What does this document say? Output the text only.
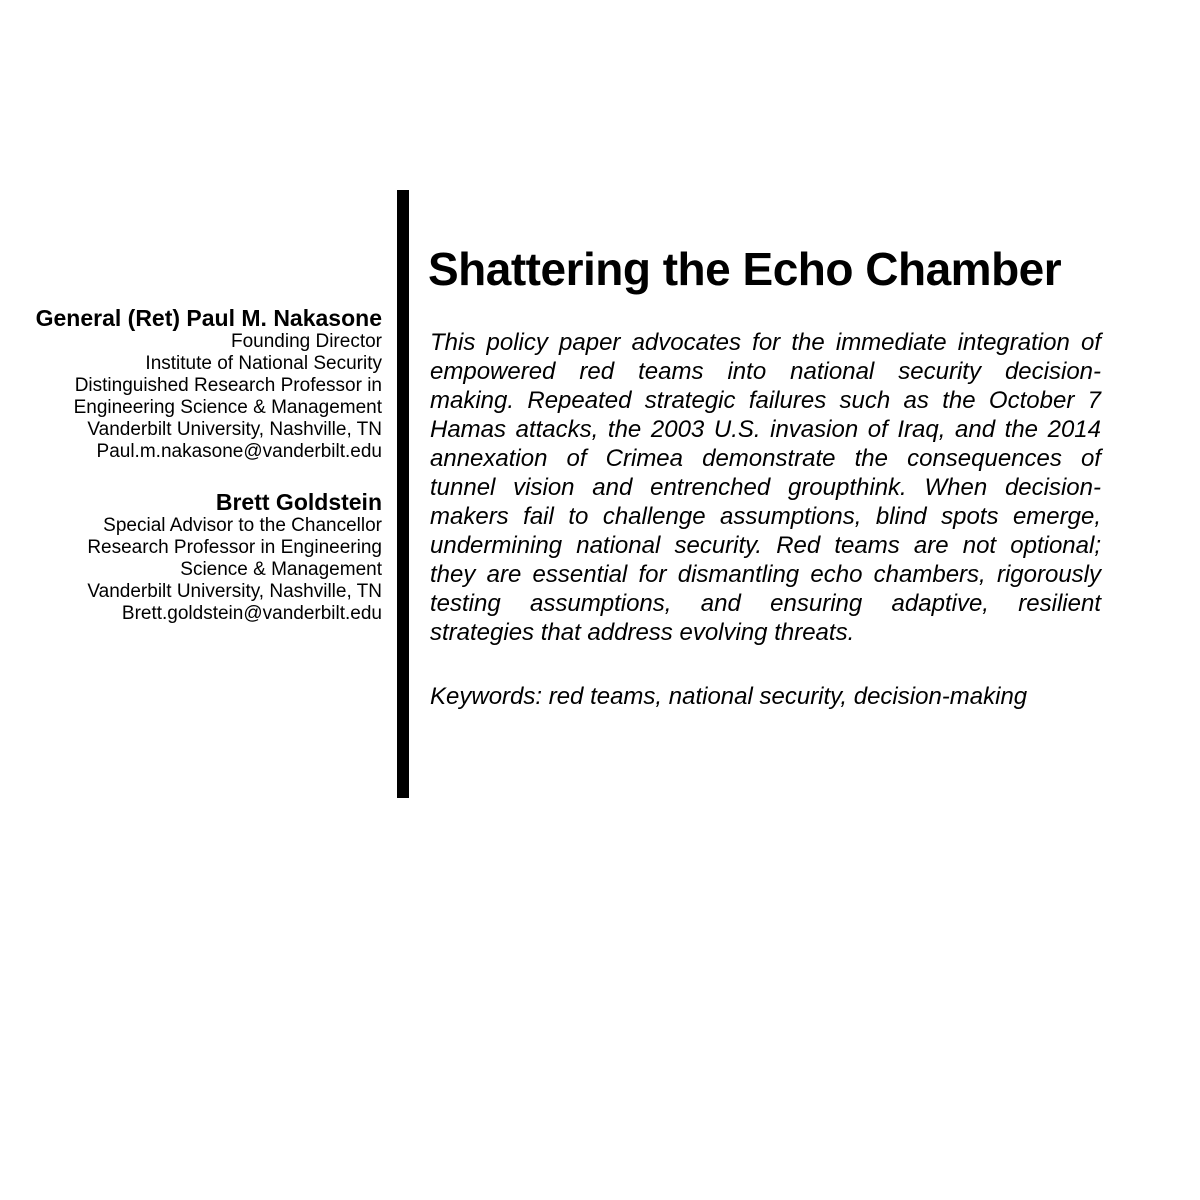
General (Ret) Paul M. Nakasone
Founding Director
Institute of National Security
Distinguished Research Professor in
Engineering Science & Management
Vanderbilt University, Nashville, TN
Paul.m.nakasone@vanderbilt.edu
Brett Goldstein
Special Advisor to the Chancellor
Research Professor in Engineering
Science & Management
Vanderbilt University, Nashville, TN
Brett.goldstein@vanderbilt.edu
Shattering the Echo Chamber
This policy paper advocates for the immediate integration of
empowered red teams into national security decision-
making. Repeated strategic failures such as the October 7
Hamas attacks, the 2003 U.S. invasion of Iraq, and the 2014
annexation of Crimea demonstrate the consequences of
tunnel vision and entrenched groupthink. When decision-
makers fail to challenge assumptions, blind spots emerge,
undermining national security. Red teams are not optional;
they are essential for dismantling echo chambers, rigorously
testing assumptions, and ensuring adaptive, resilient
strategies that address evolving threats.
Keywords: red teams, national security, decision-making
